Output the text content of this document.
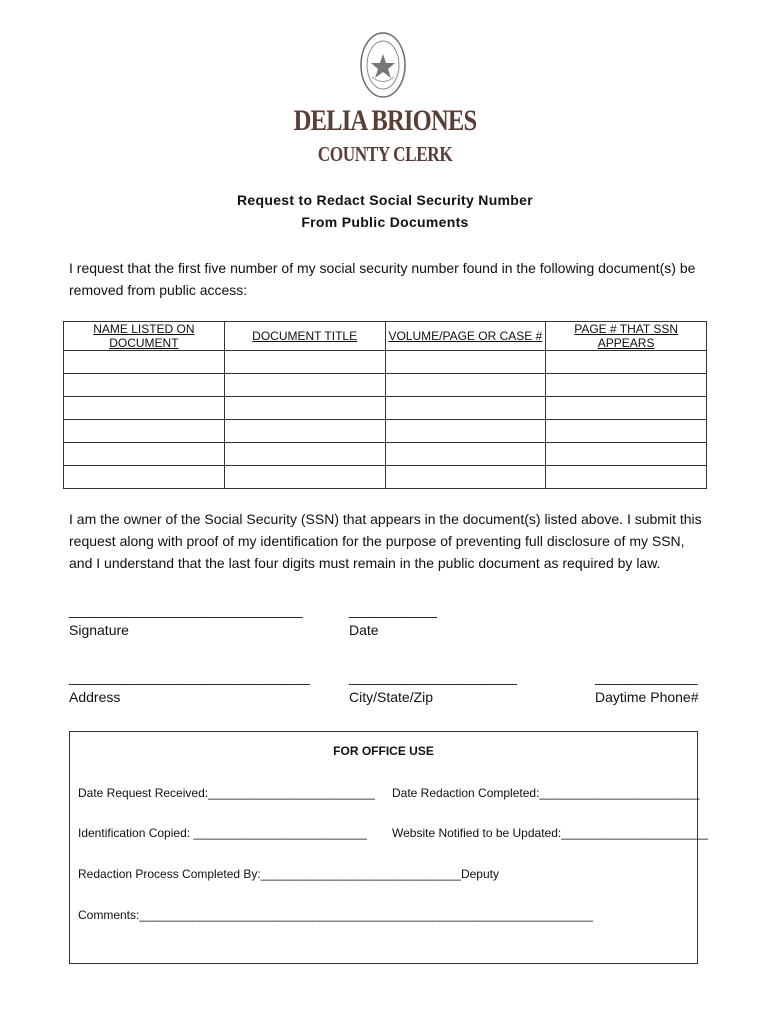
DELIA BRIONES
COUNTY CLERK
Request to Redact Social Security Number
From Public Documents
I request that the first five number of my social security number found in the following document(s) be removed from public access:
NAME LISTED ON DOCUMENT	DOCUMENT TITLE	VOLUME/PAGE OR CASE #	PAGE # THAT SSN APPEARS

I am the owner of the Social Security (SSN) that appears in the document(s) listed above. I submit this request along with proof of my identification for the purpose of preventing full disclosure of my SSN, and I understand that the last four digits must remain in the public document as required by law.
________________________________
Signature
____________
Date
_________________________________
Address
_______________________
City/State/Zip
______________
Daytime Phone#
FOR OFFICE USE
Date Request Received:_________________________ Date Redaction Completed:________________________
Identification Copied: __________________________ Website Notified to be Updated:______________________
Redaction Process Completed By:______________________________Deputy
Comments:____________________________________________________________________
